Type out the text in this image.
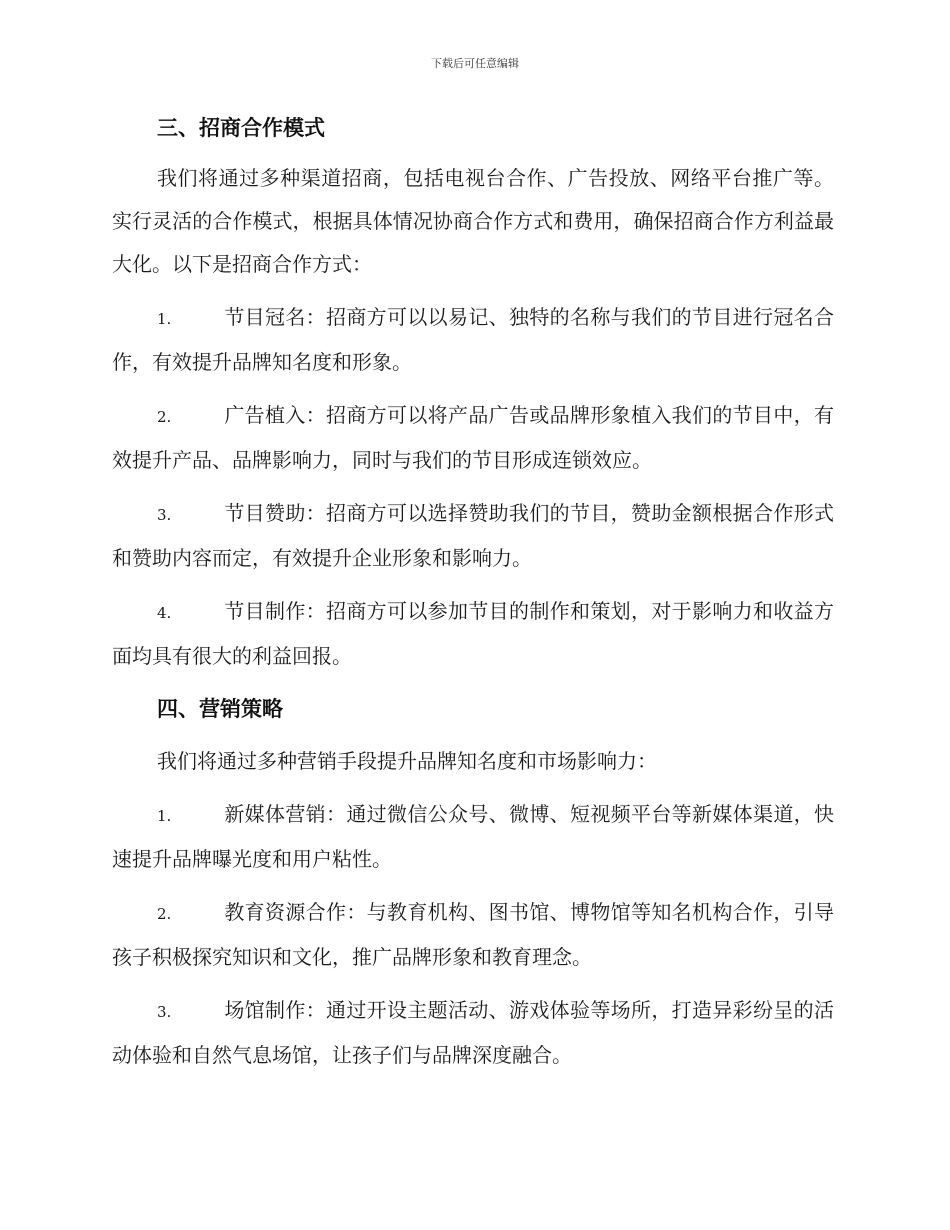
下载后可任意编辑
三、招商合作模式

我们将通过多种渠道招商，包括电视台合作、广告投放、网络平台推广等。实行灵活的合作模式，根据具体情况协商合作方式和费用，确保招商合作方利益最大化。以下是招商合作方式：

1.	节目冠名：招商方可以以易记、独特的名称与我们的节目进行冠名合作，有效提升品牌知名度和形象。

2.	广告植入：招商方可以将产品广告或品牌形象植入我们的节目中，有效提升产品、品牌影响力，同时与我们的节目形成连锁效应。

3.	节目赞助：招商方可以选择赞助我们的节目，赞助金额根据合作形式和赞助内容而定，有效提升企业形象和影响力。

4.	节目制作：招商方可以参加节目的制作和策划，对于影响力和收益方面均具有很大的利益回报。

四、营销策略

我们将通过多种营销手段提升品牌知名度和市场影响力：

1.	新媒体营销：通过微信公众号、微博、短视频平台等新媒体渠道，快速提升品牌曝光度和用户粘性。

2.	教育资源合作：与教育机构、图书馆、博物馆等知名机构合作，引导孩子积极探究知识和文化，推广品牌形象和教育理念。

3.	场馆制作：通过开设主题活动、游戏体验等场所，打造异彩纷呈的活动体验和自然气息场馆，让孩子们与品牌深度融合。
